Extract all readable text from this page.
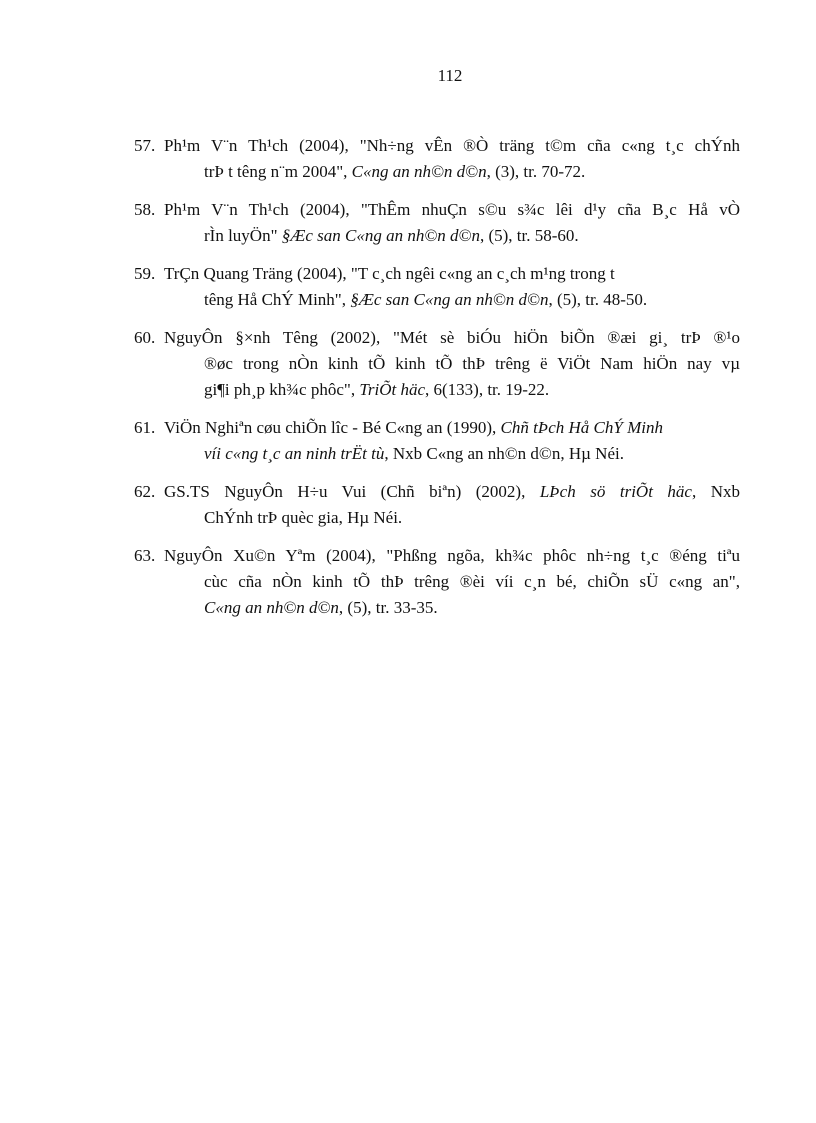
112
57. Ph¹m V¨n Th¹ch (2004), "Nh÷ng vÊn ®Ò träng t©m cña c«ng t¸c chÝnh
trÞ t têng n¨m 2004", C«ng an nh©n d©n, (3), tr. 70-72.
58. Ph¹m V¨n Th¹ch (2004), "ThÊm nhuÇn s©u s¾c lêi d¹y cña B¸c Hå vÒ
rÌn luyÖn" §Æc san C«ng an nh©n d©n, (5), tr. 58-60.
59. TrÇn Quang Träng (2004), "T c¸ch ngêi c«ng an c¸ch m¹ng trong t
têng Hå ChÝ Minh", §Æc san C«ng an nh©n d©n, (5), tr. 48-50.
60. NguyÔn §×nh Têng (2002), "Mét sè biÓu hiÖn biÕn ®æi gi¸ trÞ ®¹o
®øc trong nÒn kinh tÕ kinh tÕ thÞ trêng ë ViÖt Nam hiÖn nay vµ
gi¶i ph¸p kh¾c phôc", TriÕt häc, 6(133), tr. 19-22.
61. ViÖn Nghiªn cøu chiÕn lîc - Bé C«ng an (1990), Chñ tÞch Hå ChÝ Minh
víi c«ng t¸c an ninh trËt tù, Nxb C«ng an nh©n d©n, Hµ Néi.
62. GS.TS NguyÔn H÷u Vui (Chñ biªn) (2002), LÞch sö triÕt häc, Nxb
ChÝnh trÞ quèc gia, Hµ Néi.
63. NguyÔn Xu©n Yªm (2004), "Phßng ngõa, kh¾c phôc nh÷ng t¸c ®éng tiªu
cùc cña nÒn kinh tÕ thÞ trêng ®èi víi c¸n bé, chiÕn sÜ c«ng an",
C«ng an nh©n d©n, (5), tr. 33-35.
